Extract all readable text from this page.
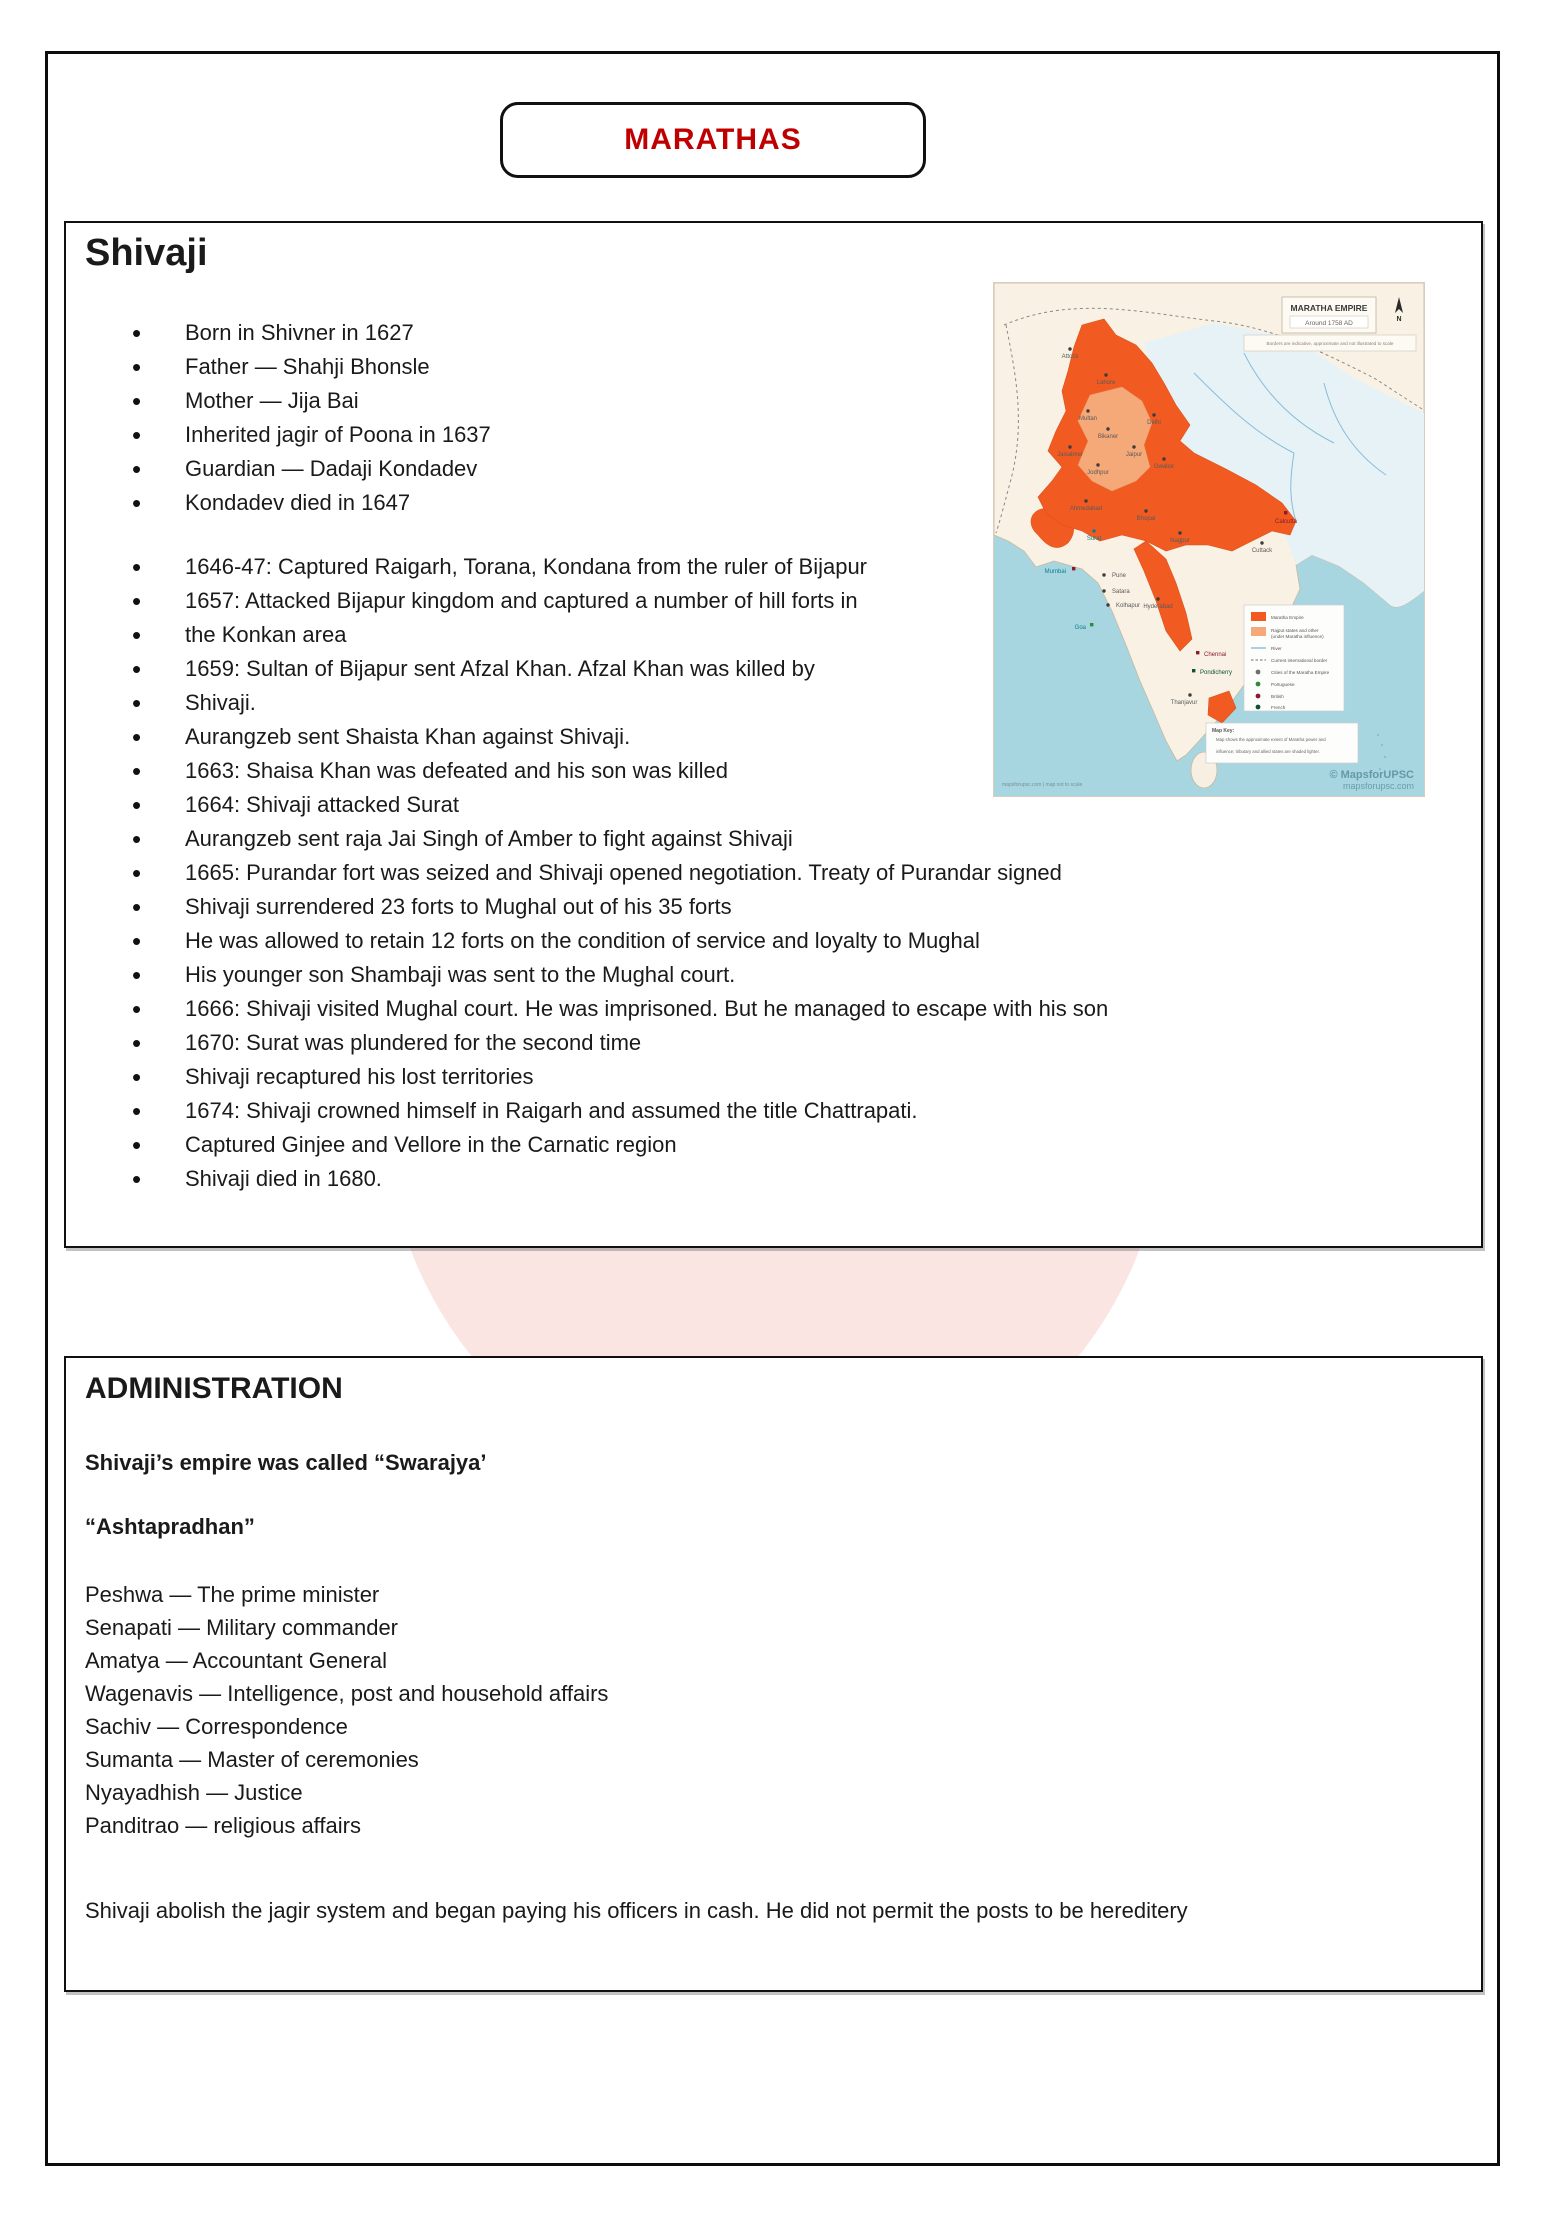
MARATHAS
Shivaji
• Born in Shivner in 1627
• Father — Shahji Bhonsle
• Mother — Jija Bai
• Inherited jagir of Poona in 1637
• Guardian — Dadaji Kondadev
• Kondadev died in 1647
• 1646-47: Captured Raigarh, Torana, Kondana from the ruler of Bijapur
• 1657: Attacked Bijapur kingdom and captured a number of hill forts in
• the Konkan area
• 1659: Sultan of Bijapur sent Afzal Khan. Afzal Khan was killed by
• Shivaji.
• Aurangzeb sent Shaista Khan against Shivaji.
• 1663: Shaisa Khan was defeated and his son was killed
• 1664: Shivaji attacked Surat
• Aurangzeb sent raja Jai Singh of Amber to fight against Shivaji
• 1665: Purandar fort was seized and Shivaji opened negotiation. Treaty of Purandar signed
• Shivaji surrendered 23 forts to Mughal out of his 35 forts
• He was allowed to retain 12 forts on the condition of service and loyalty to Mughal
• His younger son Shambaji was sent to the Mughal court.
• 1666: Shivaji visited Mughal court. He was imprisoned. But he managed to escape with his son
• 1670: Surat was plundered for the second time
• Shivaji recaptured his lost territories
• 1674: Shivaji crowned himself in Raigarh and assumed the title Chattrapati.
• Captured Ginjee and Vellore in the Carnatic region
• Shivaji died in 1680.
MARATHA EMPIRE
Around 1758 AD
N
Borders are indicative, approximate and not illustrated to scale
Attock
Lahore
Multan
Delhi
Bikaner
Jaisalmer
Jodhpur
Jaipur
Gwalior
Ahmedabad
Bhopal
Surat	Nagpur
Calcutta
Cuttack
Mumbai
Pune
Satara
Kolhapur
Goa
Hyderabad
Chennai
Pondicherry
Thanjavur
Maratha Empire
Rajput states and other
(under Maratha influence)
River
Current international border
Cities of the Maratha Empire
Portuguese
British
French
Map Key:
Map shows the approximate extent of Maratha power and
influence; tributary and allied states are shaded lighter.
© MapsforUPSC
mapsforupsc.com
mapsforupsc.com | map not to scale
ADMINISTRATION
Shivaji’s empire was called “Swarajya’
“Ashtapradhan”
Peshwa — The prime minister
Senapati — Military commander
Amatya — Accountant General
Wagenavis — Intelligence, post and household affairs
Sachiv — Correspondence
Sumanta — Master of ceremonies
Nyayadhish — Justice
Panditrao — religious affairs
Shivaji abolish the jagir system and began paying his officers in cash. He did not permit the posts to be hereditery
